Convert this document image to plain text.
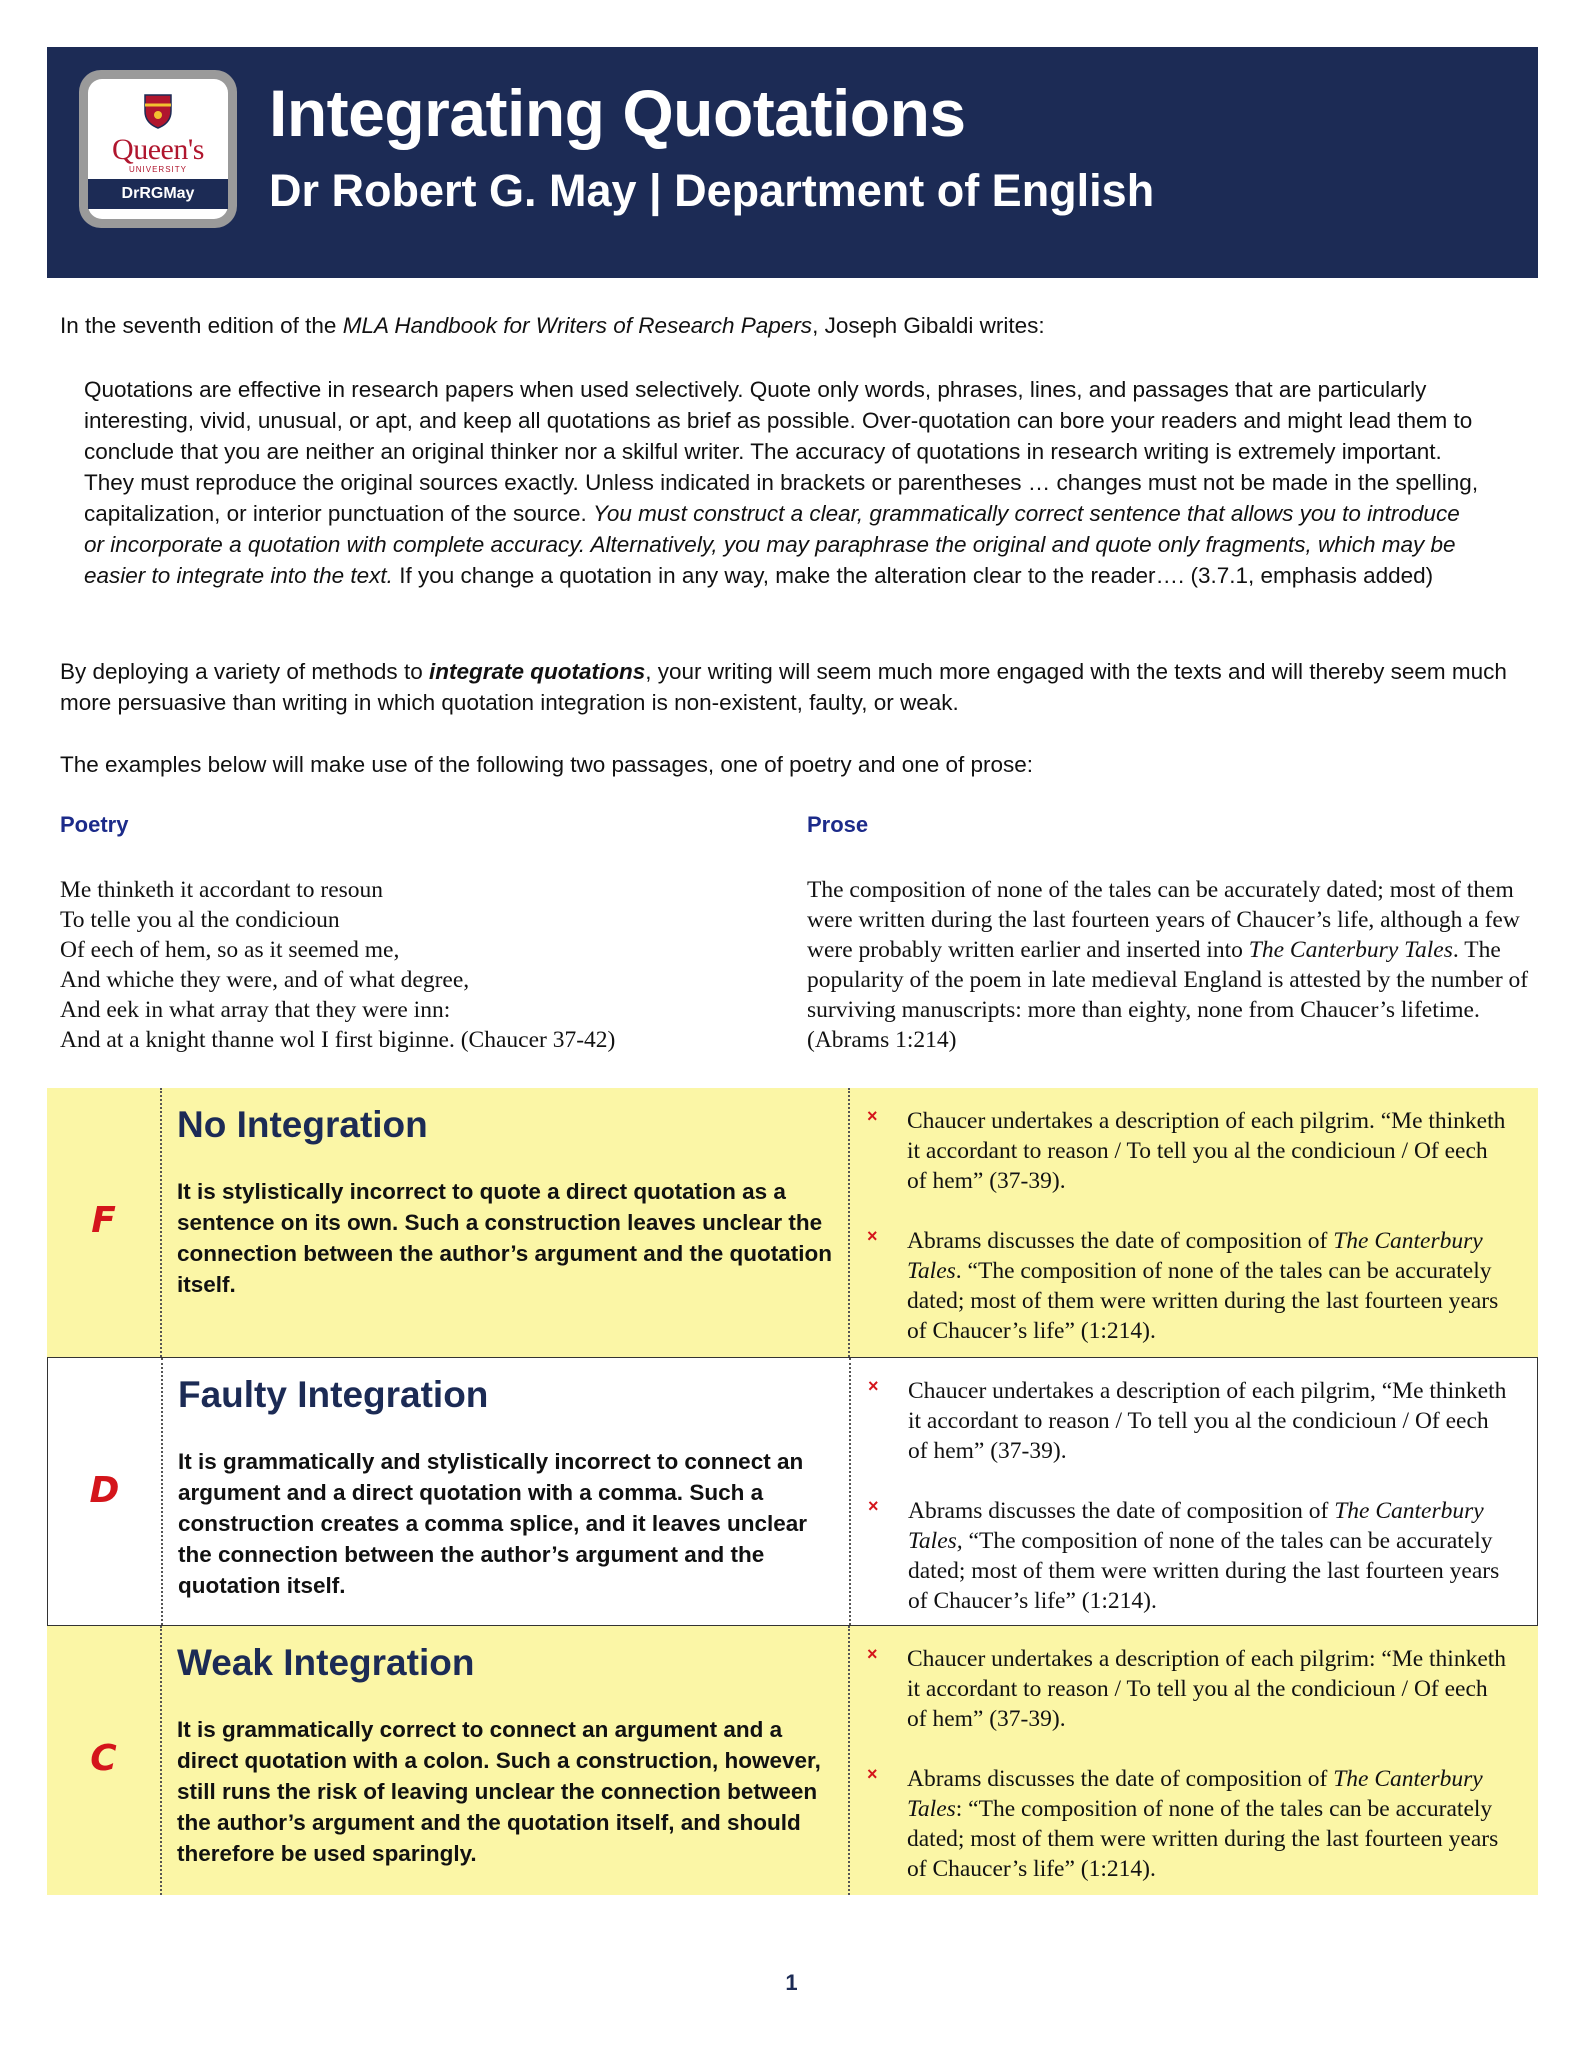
Queen's
UNIVERSITY
DrRGMay
Integrating Quotations
Dr Robert G. May | Department of English
In the seventh edition of the MLA Handbook for Writers of Research Papers, Joseph Gibaldi writes:
Quotations are effective in research papers when used selectively. Quote only words, phrases, lines, and passages that are particularly interesting, vivid, unusual, or apt, and keep all quotations as brief as possible. Over-quotation can bore your readers and might lead them to conclude that you are neither an original thinker nor a skilful writer. The accuracy of quotations in research writing is extremely important. They must reproduce the original sources exactly. Unless indicated in brackets or parentheses … changes must not be made in the spelling, capitalization, or interior punctuation of the source. You must construct a clear, grammatically correct sentence that allows you to introduce or incorporate a quotation with complete accuracy. Alternatively, you may paraphrase the original and quote only fragments, which may be easier to integrate into the text. If you change a quotation in any way, make the alteration clear to the reader…. (3.7.1, emphasis added)
By deploying a variety of methods to integrate quotations, your writing will seem much more engaged with the texts and will thereby seem much more persuasive than writing in which quotation integration is non-existent, faulty, or weak.
The examples below will make use of the following two passages, one of poetry and one of prose:
Poetry	Prose
Me thinketh it accordant to resoun
To telle you al the condicioun
Of eech of hem, so as it seemed me,
And whiche they were, and of what degree,
And eek in what array that they were inn:
And at a knight thanne wol I first biginne. (Chaucer 37-42)
The composition of none of the tales can be accurately dated; most of them were written during the last fourteen years of Chaucer’s life, although a few were probably written earlier and inserted into The Canterbury Tales. The popularity of the poem in late medieval England is attested by the number of surviving manuscripts: more than eighty, none from Chaucer’s lifetime. (Abrams 1:214)
F
No Integration
It is stylistically incorrect to quote a direct quotation as a sentence on its own. Such a construction leaves unclear the connection between the author’s argument and the quotation itself.
× Chaucer undertakes a description of each pilgrim. “Me thinketh it accordant to reason / To tell you al the condicioun / Of eech of hem” (37-39).
× Abrams discusses the date of composition of The Canterbury Tales. “The composition of none of the tales can be accurately dated; most of them were written during the last fourteen years of Chaucer’s life” (1:214).
D
Faulty Integration
It is grammatically and stylistically incorrect to connect an argument and a direct quotation with a comma. Such a construction creates a comma splice, and it leaves unclear the connection between the author’s argument and the quotation itself.
× Chaucer undertakes a description of each pilgrim, “Me thinketh it accordant to reason / To tell you al the condicioun / Of eech of hem” (37-39).
× Abrams discusses the date of composition of The Canterbury Tales, “The composition of none of the tales can be accurately dated; most of them were written during the last fourteen years of Chaucer’s life” (1:214).
C
Weak Integration
It is grammatically correct to connect an argument and a direct quotation with a colon. Such a construction, however, still runs the risk of leaving unclear the connection between the author’s argument and the quotation itself, and should therefore be used sparingly.
× Chaucer undertakes a description of each pilgrim: “Me thinketh it accordant to reason / To tell you al the condicioun / Of eech of hem” (37-39).
× Abrams discusses the date of composition of The Canterbury Tales: “The composition of none of the tales can be accurately dated; most of them were written during the last fourteen years of Chaucer’s life” (1:214).
1
